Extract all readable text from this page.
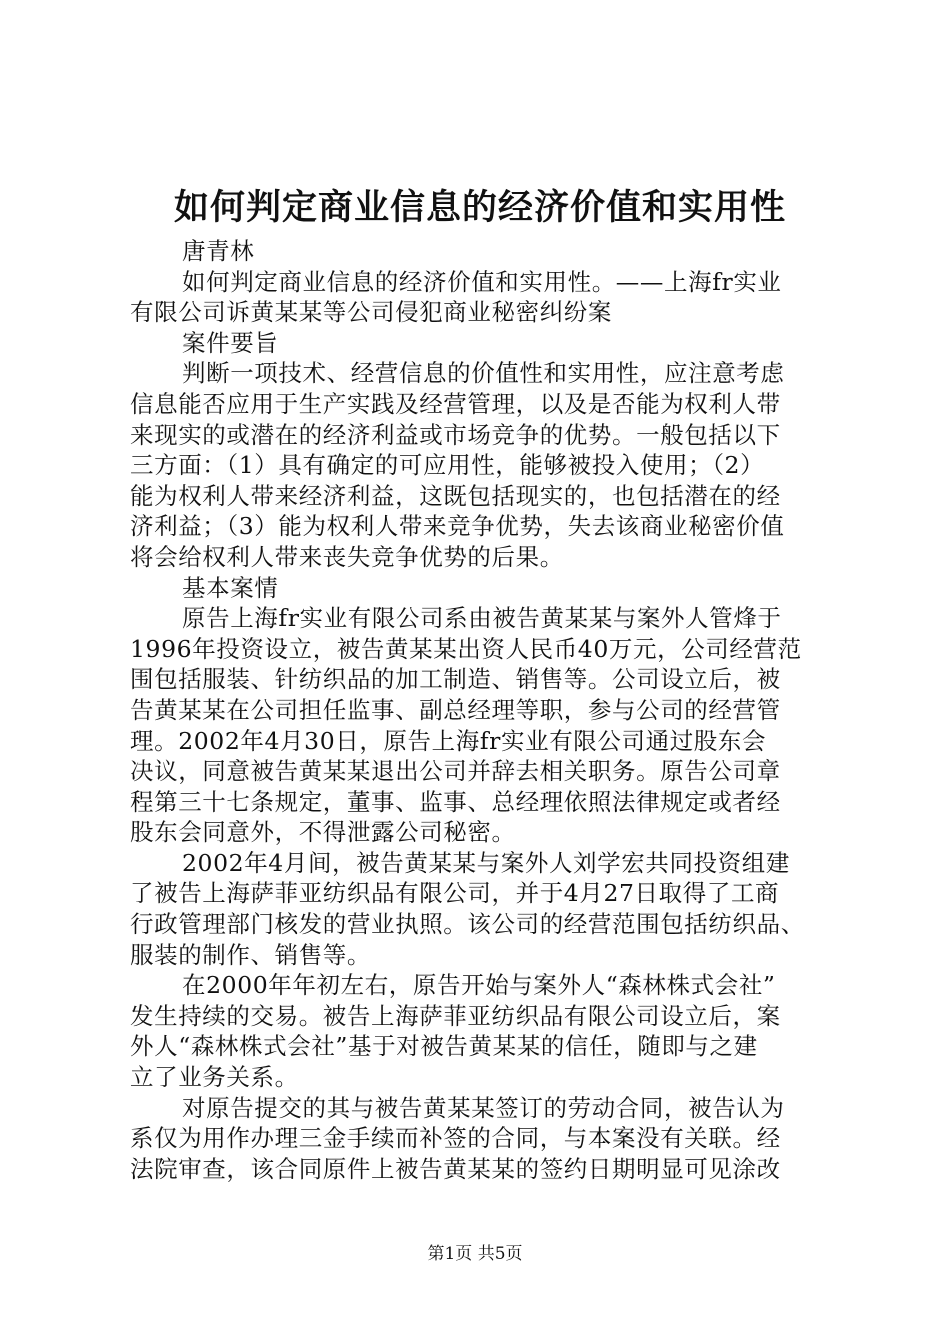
如何判定商业信息的经济价值和实用性
唐青林
如何判定商业信息的经济价值和实用性。——上海fr实业
有限公司诉黄某某等公司侵犯商业秘密纠纷案
案件要旨
判断一项技术、经营信息的价值性和实用性，应注意考虑
信息能否应用于生产实践及经营管理，以及是否能为权利人带
来现实的或潜在的经济利益或市场竞争的优势。一般包括以下
三方面：（1）具有确定的可应用性，能够被投入使用；（2）
能为权利人带来经济利益，这既包括现实的，也包括潜在的经
济利益；（3）能为权利人带来竞争优势，失去该商业秘密价值
将会给权利人带来丧失竞争优势的后果。
基本案情
原告上海fr实业有限公司系由被告黄某某与案外人管烽于
1996年投资设立，被告黄某某出资人民币40万元，公司经营范
围包括服装、针纺织品的加工制造、销售等。公司设立后，被
告黄某某在公司担任监事、副总经理等职，参与公司的经营管
理。2002年4月30日，原告上海fr实业有限公司通过股东会
决议，同意被告黄某某退出公司并辞去相关职务。原告公司章
程第三十七条规定，董事、监事、总经理依照法律规定或者经
股东会同意外，不得泄露公司秘密。
2002年4月间，被告黄某某与案外人刘学宏共同投资组建
了被告上海萨菲亚纺织品有限公司，并于4月27日取得了工商
行政管理部门核发的营业执照。该公司的经营范围包括纺织品、
服装的制作、销售等。
在2000年年初左右，原告开始与案外人“森林株式会社”
发生持续的交易。被告上海萨菲亚纺织品有限公司设立后，案
外人“森林株式会社”基于对被告黄某某的信任，随即与之建
立了业务关系。
对原告提交的其与被告黄某某签订的劳动合同，被告认为
系仅为用作办理三金手续而补签的合同，与本案没有关联。经
法院审查，该合同原件上被告黄某某的签约日期明显可见涂改
第1页 共5页
